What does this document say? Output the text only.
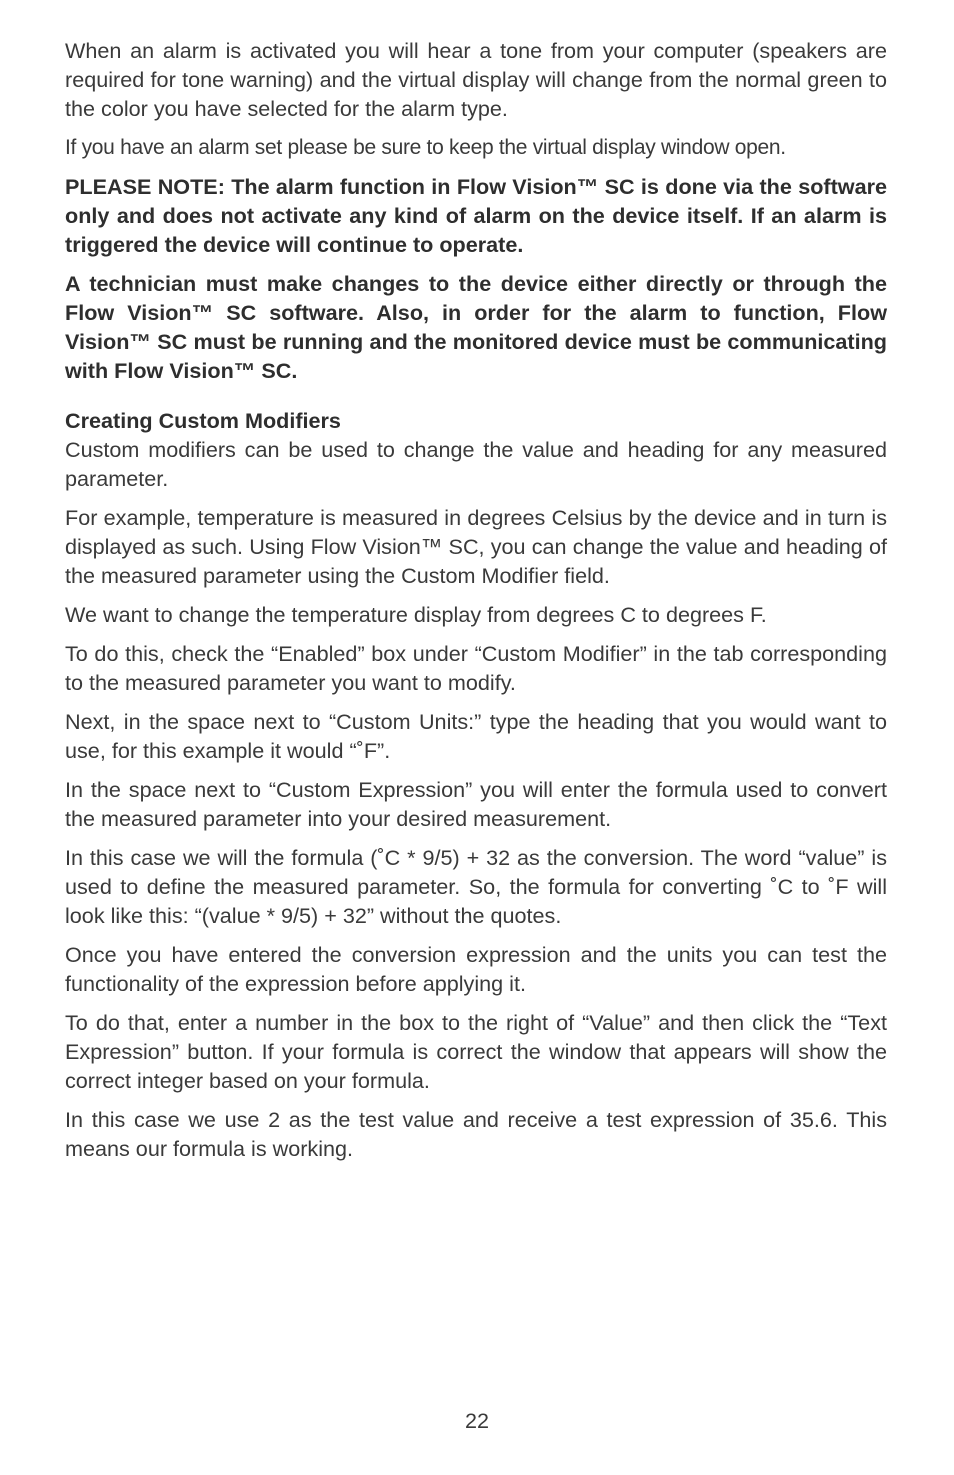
When an alarm is activated you will hear a tone from your computer (speakers are required for tone warning) and the virtual display will change from the normal green to the color you have selected for the alarm type.

If you have an alarm set please be sure to keep the virtual display window open.

PLEASE NOTE: The alarm function in Flow Vision™ SC is done via the software only and does not activate any kind of alarm on the device itself. If an alarm is triggered the device will continue to operate.

A technician must make changes to the device either directly or through the Flow Vision™ SC software. Also, in order for the alarm to function, Flow Vision™ SC must be running and the monitored device must be communicating with Flow Vision™ SC.

Creating Custom Modifiers

Custom modifiers can be used to change the value and heading for any measured parameter.

For example, temperature is measured in degrees Celsius by the device and in turn is displayed as such. Using Flow Vision™ SC, you can change the value and heading of the measured parameter using the Custom Modifier field.

We want to change the temperature display from degrees C to degrees F.

To do this, check the “Enabled” box under “Custom Modifier” in the tab corresponding to the measured parameter you want to modify.

Next, in the space next to “Custom Units:” type the heading that you would want to use, for this example it would “˚F”.

In the space next to “Custom Expression” you will enter the formula used to convert the measured parameter into your desired measurement.

In this case we will the formula (˚C * 9/5) + 32 as the conversion. The word “value” is used to define the measured parameter. So, the formula for converting ˚C to ˚F will look like this: “(value * 9/5) + 32” without the quotes.

Once you have entered the conversion expression and the units you can test the functionality of the expression before applying it.

To do that, enter a number in the box to the right of “Value” and then click the “Text Expression” button. If your formula is correct the window that appears will show the correct integer based on your formula.

In this case we use 2 as the test value and receive a test expression of 35.6. This means our formula is working.

22
